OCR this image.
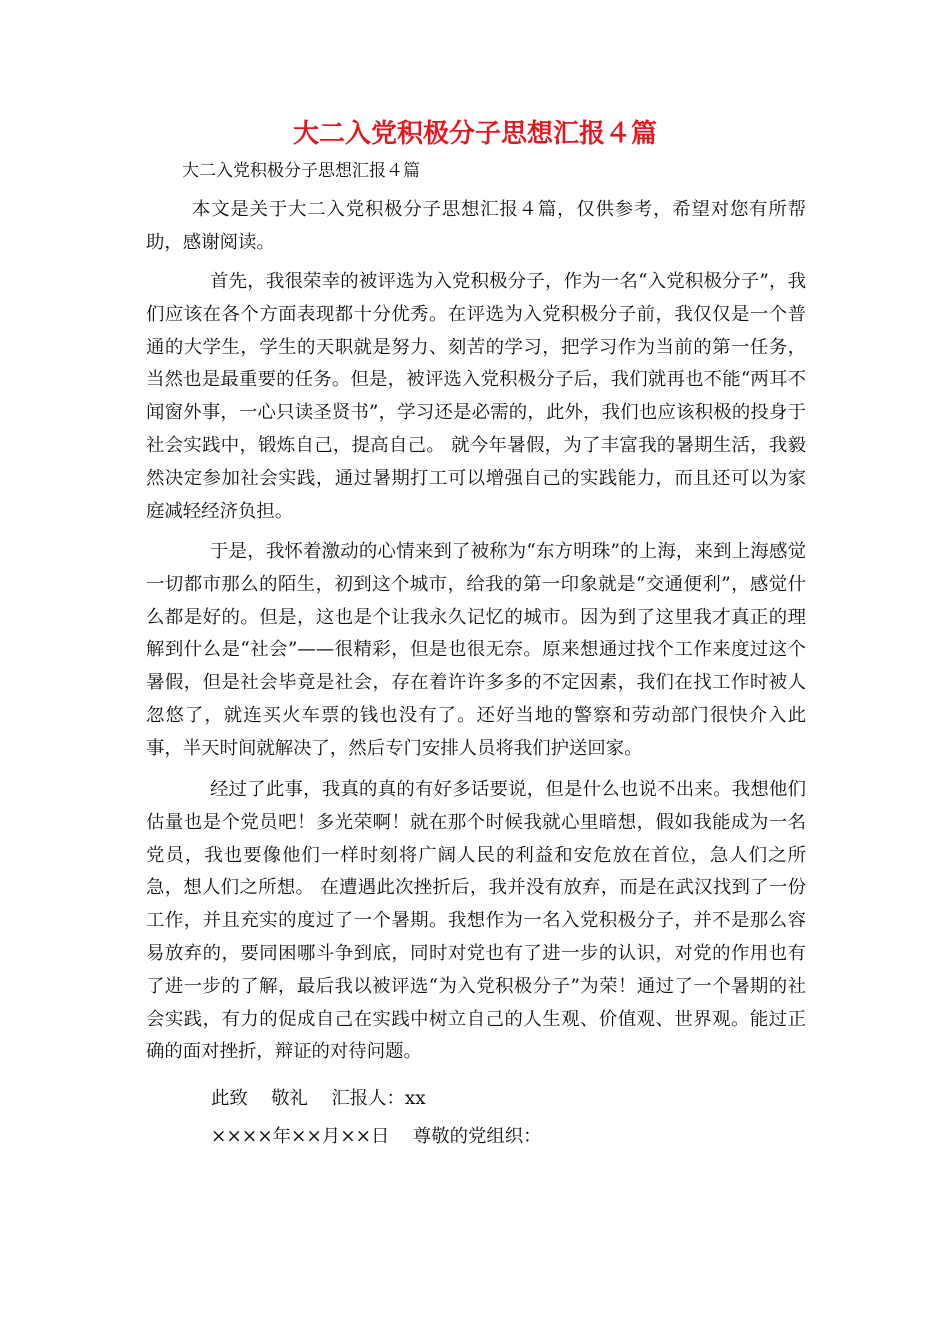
大二入党积极分子思想汇报４篇
大二入党积极分子思想汇报４篇

本文是关于大二入党积极分子思想汇报４篇，仅供参考，希望对您有所帮助，感谢阅读。

首先，我很荣幸的被评选为入党积极分子，作为一名“入党积极分子”，我们应该在各个方面表现都十分优秀。在评选为入党积极分子前，我仅仅是一个普通的大学生，学生的天职就是努力、刻苦的学习，把学习作为当前的第一任务，当然也是最重要的任务。但是，被评选入党积极分子后，我们就再也不能“两耳不闻窗外事，一心只读圣贤书”，学习还是必需的，此外，我们也应该积极的投身于社会实践中，锻炼自己，提高自己。 就今年暑假，为了丰富我的暑期生活，我毅然决定参加社会实践，通过暑期打工可以增强自己的实践能力，而且还可以为家庭减轻经济负担。

于是，我怀着激动的心情来到了被称为“东方明珠”的上海，来到上海感觉一切都市那么的陌生，初到这个城市，给我的第一印象就是“交通便利”，感觉什么都是好的。但是，这也是个让我永久记忆的城市。因为到了这里我才真正的理解到什么是“社会”——很精彩，但是也很无奈。原来想通过找个工作来度过这个暑假，但是社会毕竟是社会，存在着许许多多的不定因素，我们在找工作时被人忽悠了，就连买火车票的钱也没有了。还好当地的警察和劳动部门很快介入此事，半天时间就解决了，然后专门安排人员将我们护送回家。

经过了此事，我真的真的有好多话要说，但是什么也说不出来。我想他们估量也是个党员吧！多光荣啊！就在那个时候我就心里暗想，假如我能成为一名党员，我也要像他们一样时刻将广阔人民的利益和安危放在首位，急人们之所急，想人们之所想。 在遭遇此次挫折后，我并没有放弃，而是在武汉找到了一份工作，并且充实的度过了一个暑期。我想作为一名入党积极分子，并不是那么容易放弃的，要同困哪斗争到底，同时对党也有了进一步的认识，对党的作用也有了进一步的了解，最后我以被评选“为入党积极分子”为荣！通过了一个暑期的社会实践，有力的促成自己在实践中树立自己的人生观、价值观、世界观。能过正确的面对挫折，辩证的对待问题。

此致    敬礼    汇报人：xx
××××年××月××日    尊敬的党组织：
